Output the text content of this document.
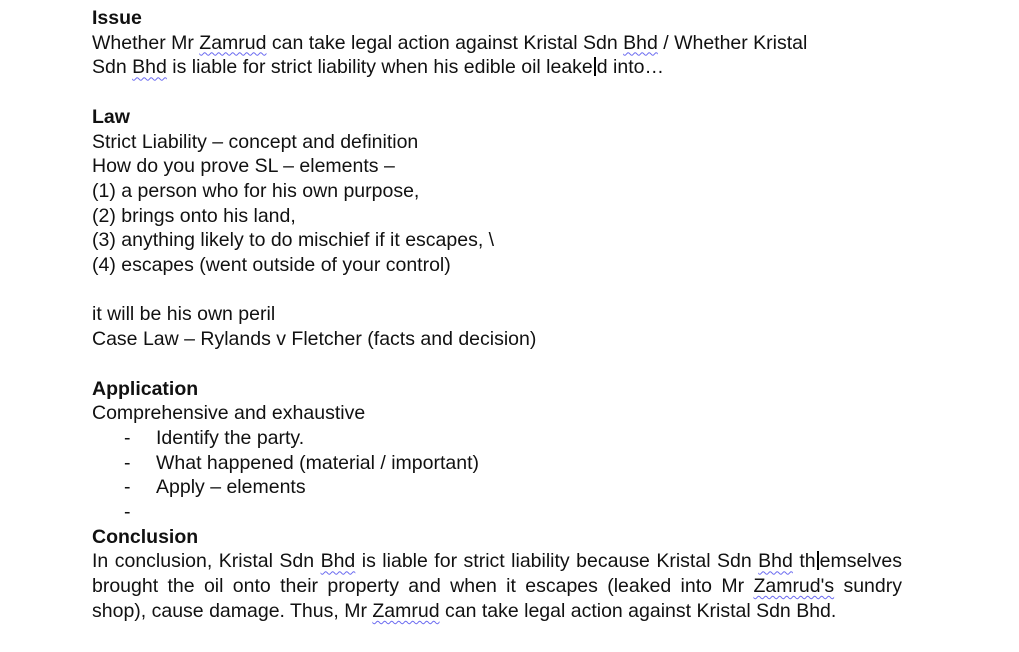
Issue

Whether Mr Zamrud can take legal action against Kristal Sdn Bhd / Whether Kristal

Sdn Bhd is liable for strict liability when his edible oil leake d into…

Law

Strict Liability – concept and definition

How do you prove SL – elements –

(1) a person who for his own purpose,

(2) brings onto his land,

(3) anything likely to do mischief if it escapes, \

(4) escapes (went outside of your control)

it will be his own peril

Case Law – Rylands v Fletcher (facts and decision)

Application

Comprehensive and exhaustive

- Identify the party.
- What happened (material / important)
- Apply – elements
-

Conclusion

In conclusion, Kristal Sdn Bhd is liable for strict liability because Kristal Sdn Bhd th emselves brought the oil onto their property and when it escapes (leaked into Mr Zamrud's sundry shop), cause damage. Thus, Mr Zamrud can take legal action against Kristal Sdn Bhd.
